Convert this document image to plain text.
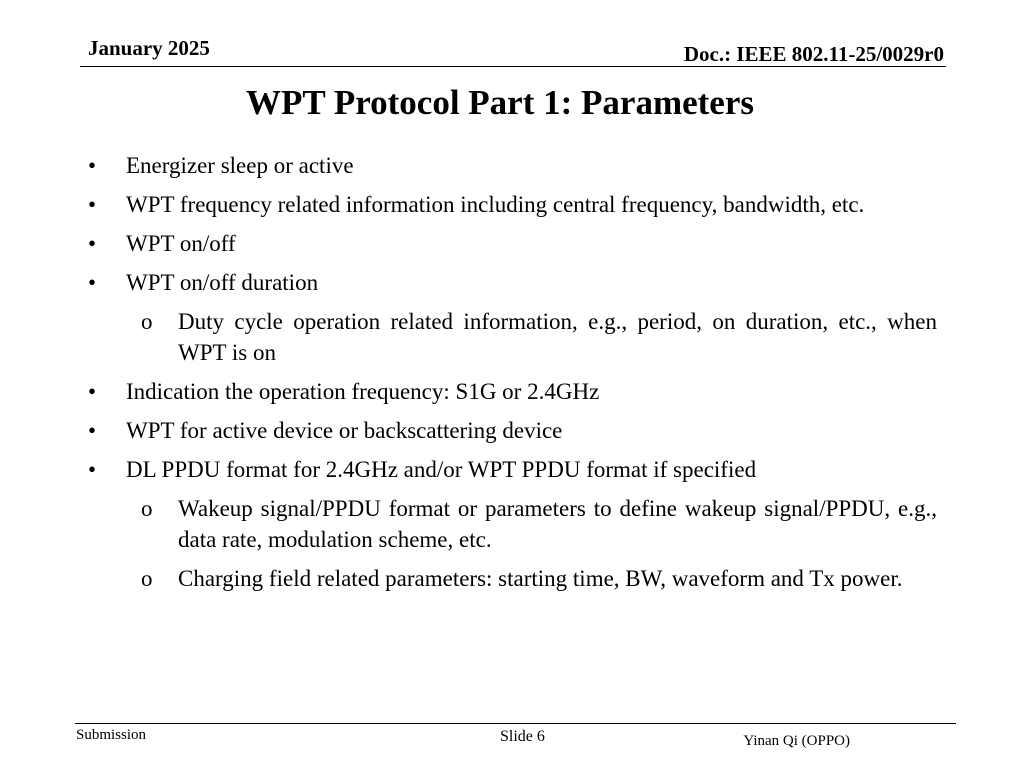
January 2025	Doc.: IEEE 802.11-25/0029r0
WPT Protocol Part 1: Parameters
• Energizer sleep or active
• WPT frequency related information including central frequency, bandwidth, etc.
• WPT on/off
• WPT on/off duration
o Duty cycle operation related information, e.g., period, on duration, etc., when WPT is on
• Indication the operation frequency: S1G or 2.4GHz
• WPT for active device or backscattering device
• DL PPDU format for 2.4GHz and/or WPT PPDU format if specified
o Wakeup signal/PPDU format or parameters to define wakeup signal/PPDU, e.g., data rate, modulation scheme, etc.
o Charging field related parameters: starting time, BW, waveform and Tx power.
Submission	Slide 6	Yinan Qi (OPPO)
